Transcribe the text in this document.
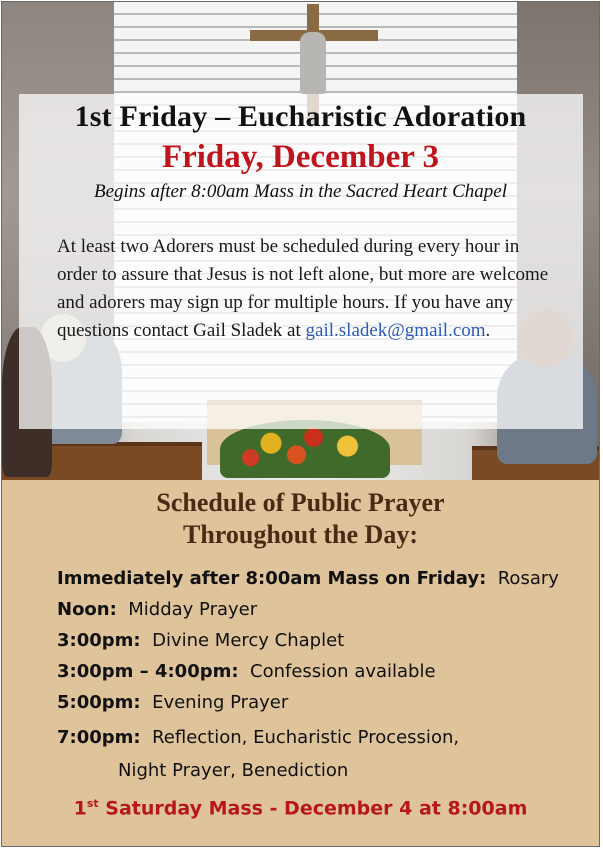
1st Friday – Eucharistic Adoration
Friday, December 3
Begins after 8:00am Mass in the Sacred Heart Chapel
At least two Adorers must be scheduled during every hour in order to assure that Jesus is not left alone, but more are welcome and adorers may sign up for multiple hours. If you have any questions contact Gail Sladek at gail.sladek@gmail.com.
Schedule of Public Prayer
Throughout the Day:
Immediately after 8:00am Mass on Friday: Rosary
Noon: Midday Prayer
3:00pm: Divine Mercy Chaplet
3:00pm – 4:00pm: Confession available
5:00pm: Evening Prayer
7:00pm: Reflection, Eucharistic Procession,
Night Prayer, Benediction
1st Saturday Mass - December 4 at 8:00am
